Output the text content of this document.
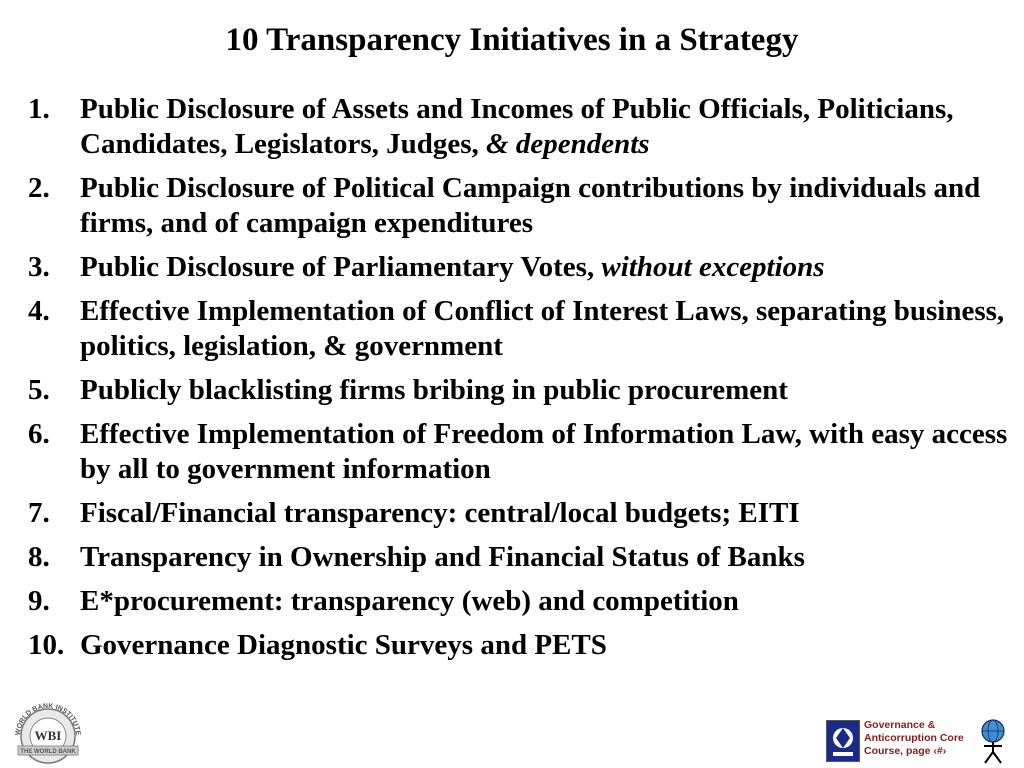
10 Transparency Initiatives in a Strategy
1.	Public Disclosure of Assets and Incomes of Public Officials, Politicians, Candidates, Legislators, Judges, & dependents
2.	Public Disclosure of Political Campaign contributions by individuals and firms, and of campaign expenditures
3.	Public Disclosure of Parliamentary Votes, without exceptions
4.	Effective Implementation of Conflict of Interest Laws, separating business, politics, legislation, & government
5.	Publicly blacklisting firms bribing in public procurement
6.	Effective Implementation of Freedom of Information Law, with easy access by all to government information
7.	Fiscal/Financial transparency: central/local budgets; EITI
8.	Transparency in Ownership and Financial Status of Banks
9.	E*procurement: transparency (web) and competition
10. Governance Diagnostic Surveys and PETS
WORLD BANK INSTITUTE
WBI
THE WORLD BANK
Governance &
Anticorruption Core
Course, page ‹#›
